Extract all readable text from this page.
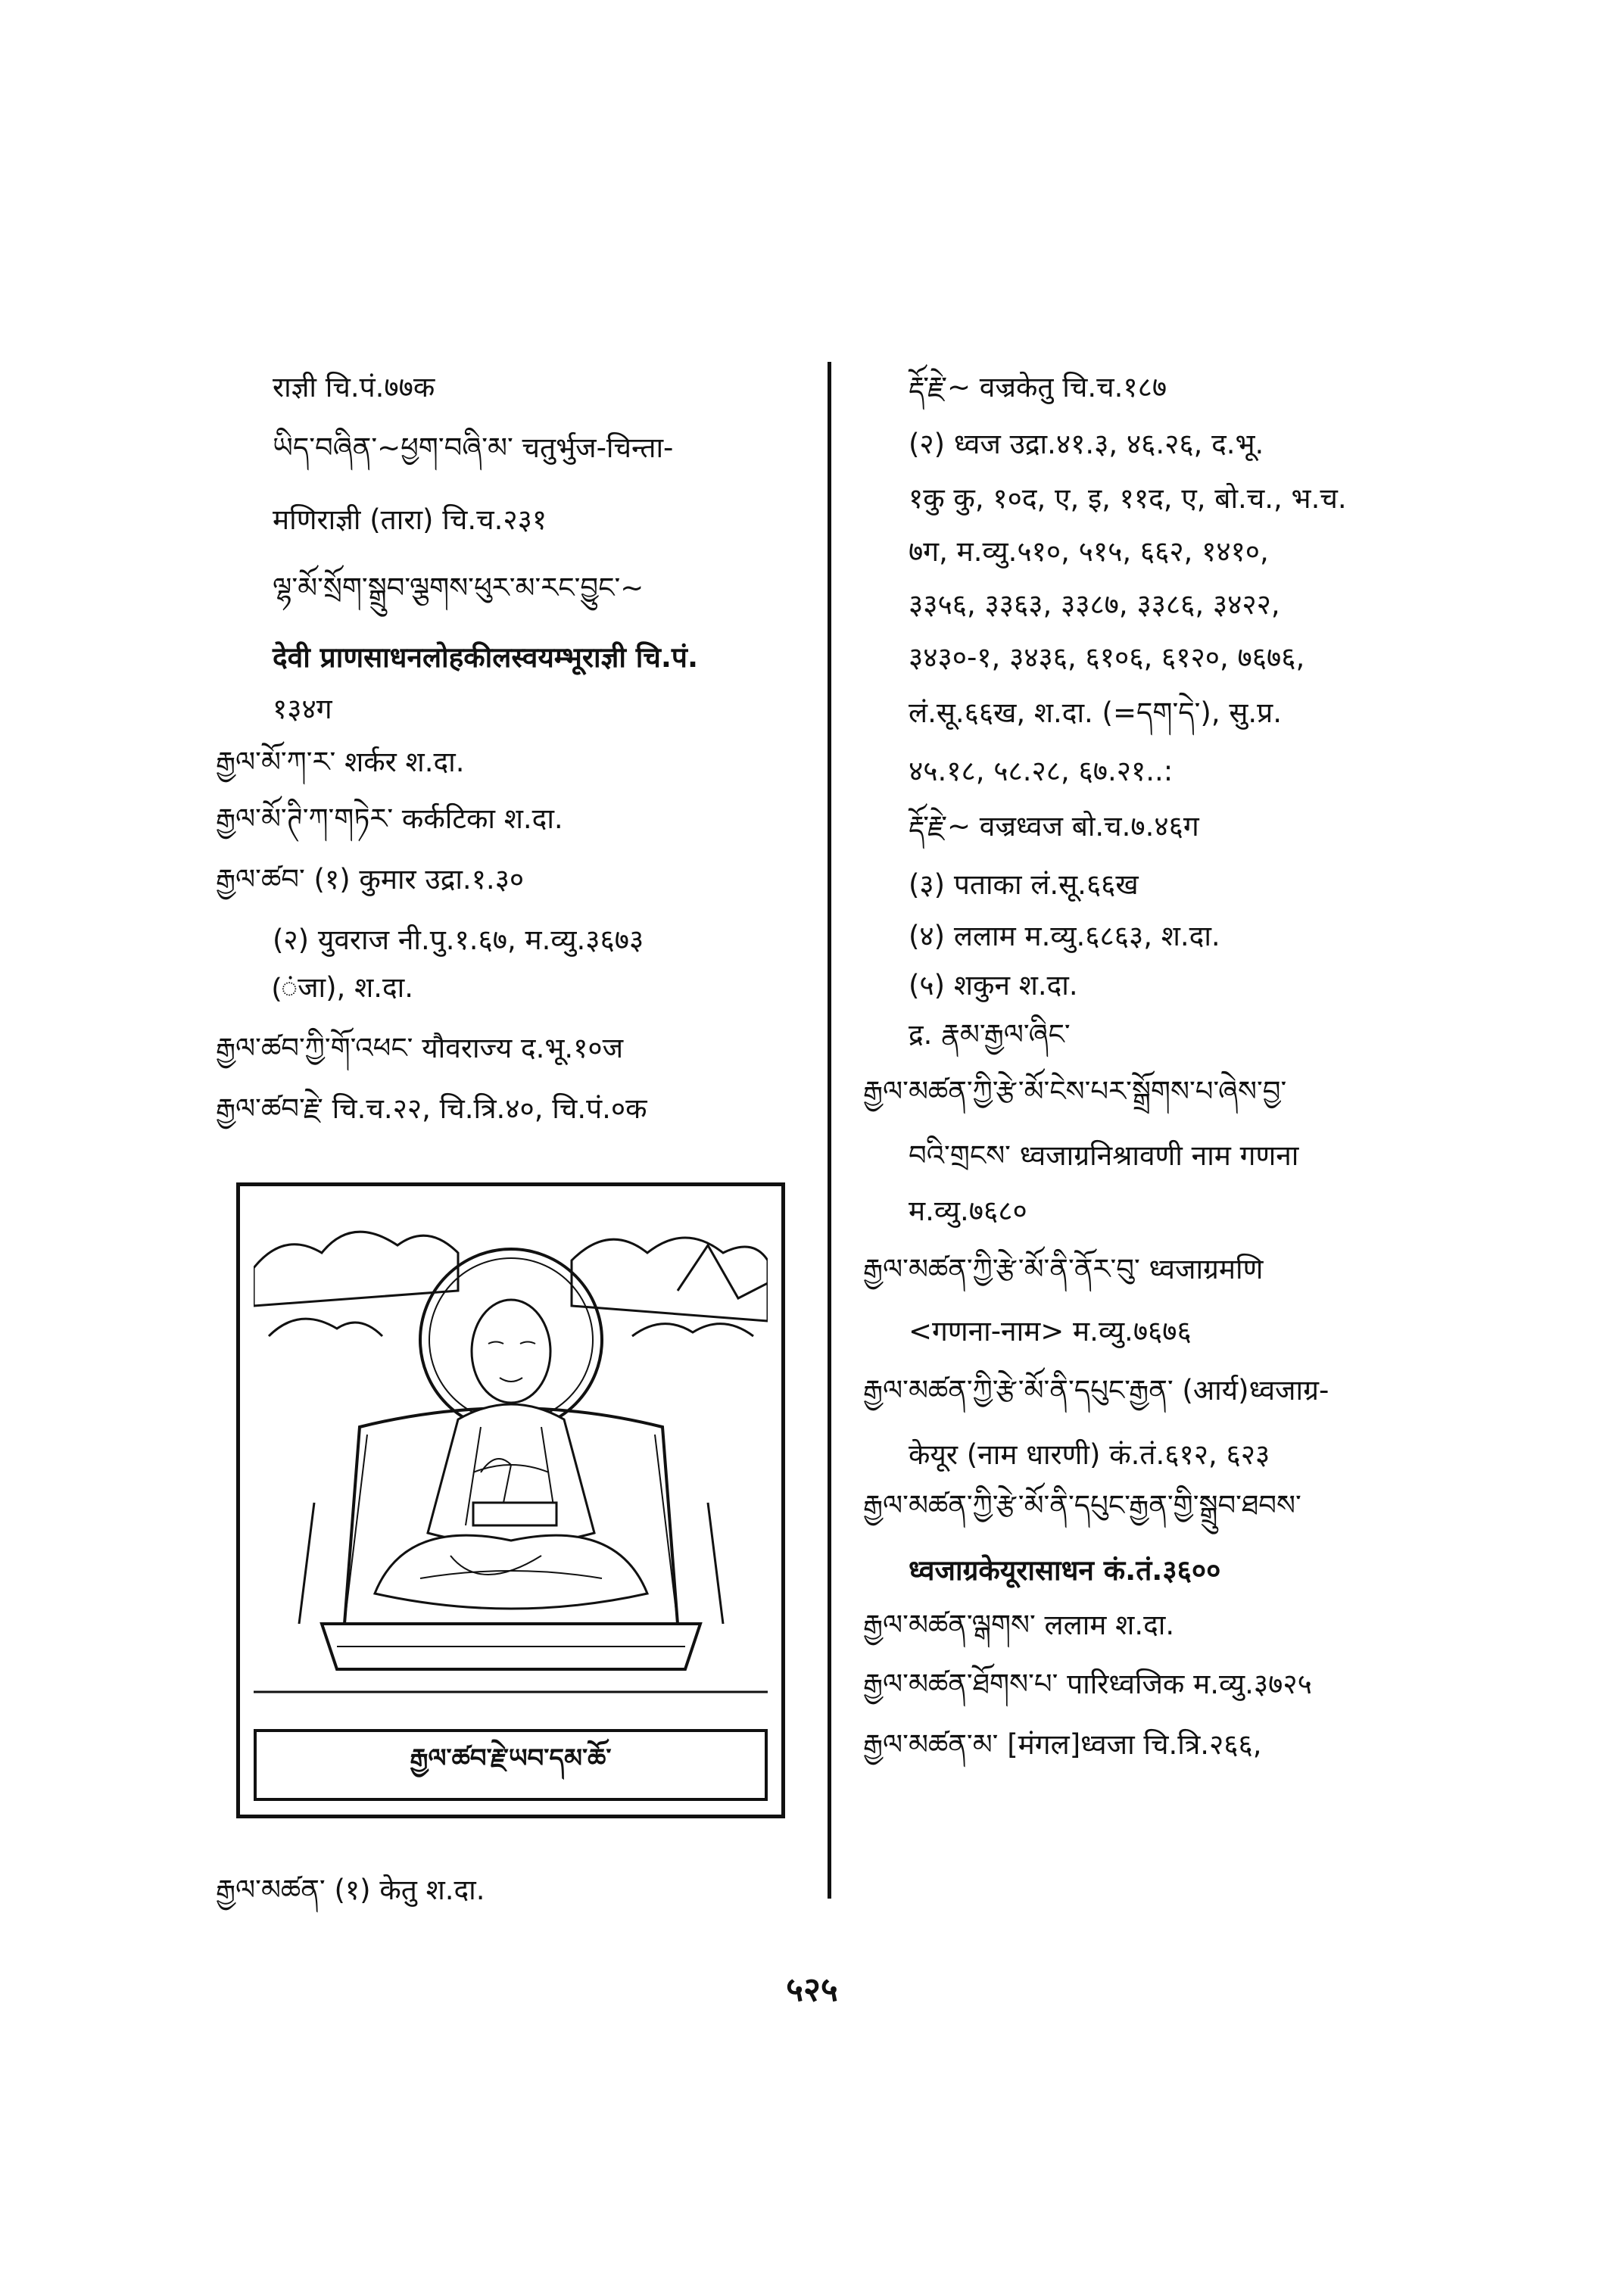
राज्ञी चि.पं.७७क
ཡིད་བཞིན་~ཕྱག་བཞི་མ་ चतुर्भुज-चिन्ता-
मणिराज्ञी (तारा) चि.च.२३१
ལྷ་མོ་སྲོག་སྒྲུབ་ལྕགས་ཕུར་མ་རང་བྱུང་~
देवी प्राणसाधनलोहकीलस्वयम्भूराज्ञी चि.पं.
१३४ग
རྒྱལ་མོ་ཀ་ར་ शर्कर श.दा.
རྒྱལ་མོ་ཊི་ཀ་གཏེར་ कर्कटिका श.दा.
རྒྱལ་ཚབ་ (१) कुमार उद्रा.१.३०
(२) युवराज नी.पु.१.६७, म.व्यु.३६७३
(ंजा), श.दा.
རྒྱལ་ཚབ་ཀྱི་གོ་འཕང་ यौवराज्य द.भू.१०ज
རྒྱལ་ཚབ་རྗེ་ चि.च.२२, चि.त्रि.४०, चि.पं.०क
རྒྱལ་མཚན་ (१) केतु श.दा.
རྒྱལ་ཚབ་རྗེ་ཡབ་དམ་ཆོ་
རྡོ་རྗེ་~ वज्रकेतु चि.च.१८७
(२) ध्वज उद्रा.४१.३, ४६.२६, द.भू.
१कु कु, १०द, ए, इ, ११द, ए, बो.च., भ.च.
७ग, म.व्यु.५१०, ५१५, ६६२, १४१०,
३३५६, ३३६३, ३३८७, ३३८६, ३४२२,
३४३०-१, ३४३६, ६१०६, ६१२०, ७६७६,
लं.सू.६६ख, श.दा. (=དག་དེ་), सु.प्र.
४५.१८, ५८.२८, ६७.२१..:
རྡོ་རྗེ་~ वज्रध्वज बो.च.७.४६ग
(३) पताका लं.सू.६६ख
(४) ललाम म.व्यु.६८६३, श.दा.
(५) शकुन श.दा.
द्र. རྣམ་རྒྱལ་ཞིང་
རྒྱལ་མཚན་ཀྱི་རྩེ་མོ་ངེས་པར་སྒྲོགས་པ་ཞེས་བྱ་
བའི་གྲངས་ ध्वजाग्रनिश्रावणी नाम गणना
म.व्यु.७६८०
རྒྱལ་མཚན་ཀྱི་རྩེ་མོ་ནི་ནོར་བུ་ ध्वजाग्रमणि
<गणना-नाम> म.व्यु.७६७६
རྒྱལ་མཚན་ཀྱི་རྩེ་མོ་ནི་དཔུང་རྒྱན་ (आर्य)ध्वजाग्र-
केयूर (नाम धारणी) कं.तं.६१२, ६२३
རྒྱལ་མཚན་ཀྱི་རྩེ་མོ་ནི་དཔུང་རྒྱན་གྱི་སྒྲུབ་ཐབས་
ध्वजाग्रकेयूरासाधन कं.तं.३६००
རྒྱལ་མཚན་ལྒགས་ ललाम श.दा.
རྒྱལ་མཚན་ཐོགས་པ་ पारिध्वजिक म.व्यु.३७२५
རྒྱལ་མཚན་མ་ [मंगल]ध्वजा चि.त्रि.२६६,
५२५
